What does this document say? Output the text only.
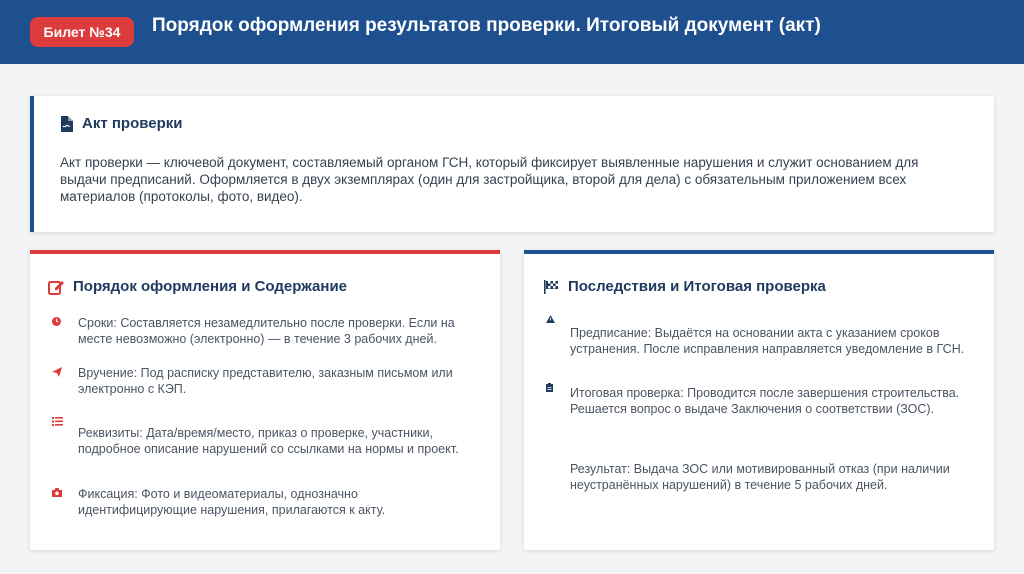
Билет №34	Порядок оформления результатов проверки. Итоговый документ (акт)
Акт проверки
Акт проверки — ключевой документ, составляемый органом ГСН, который фиксирует выявленные нарушения и служит основанием для выдачи предписаний. Оформляется в двух экземплярах (один для застройщика, второй для дела) с обязательным приложением всех материалов (протоколы, фото, видео).
Порядок оформления и Содержание
Сроки: Составляется незамедлительно после проверки. Если на месте невозможно (электронно) — в течение 3 рабочих дней.
Вручение: Под расписку представителю, заказным письмом или электронно с КЭП.
Реквизиты: Дата/время/место, приказ о проверке, участники, подробное описание нарушений со ссылками на нормы и проект.
Фиксация: Фото и видеоматериалы, однозначно идентифицирующие нарушения, прилагаются к акту.
Последствия и Итоговая проверка
Предписание: Выдаётся на основании акта с указанием сроков устранения. После исправления направляется уведомление в ГСН.
Итоговая проверка: Проводится после завершения строительства. Решается вопрос о выдаче Заключения о соответствии (ЗОС).
Результат: Выдача ЗОС или мотивированный отказ (при наличии неустранённых нарушений) в течение 5 рабочих дней.
